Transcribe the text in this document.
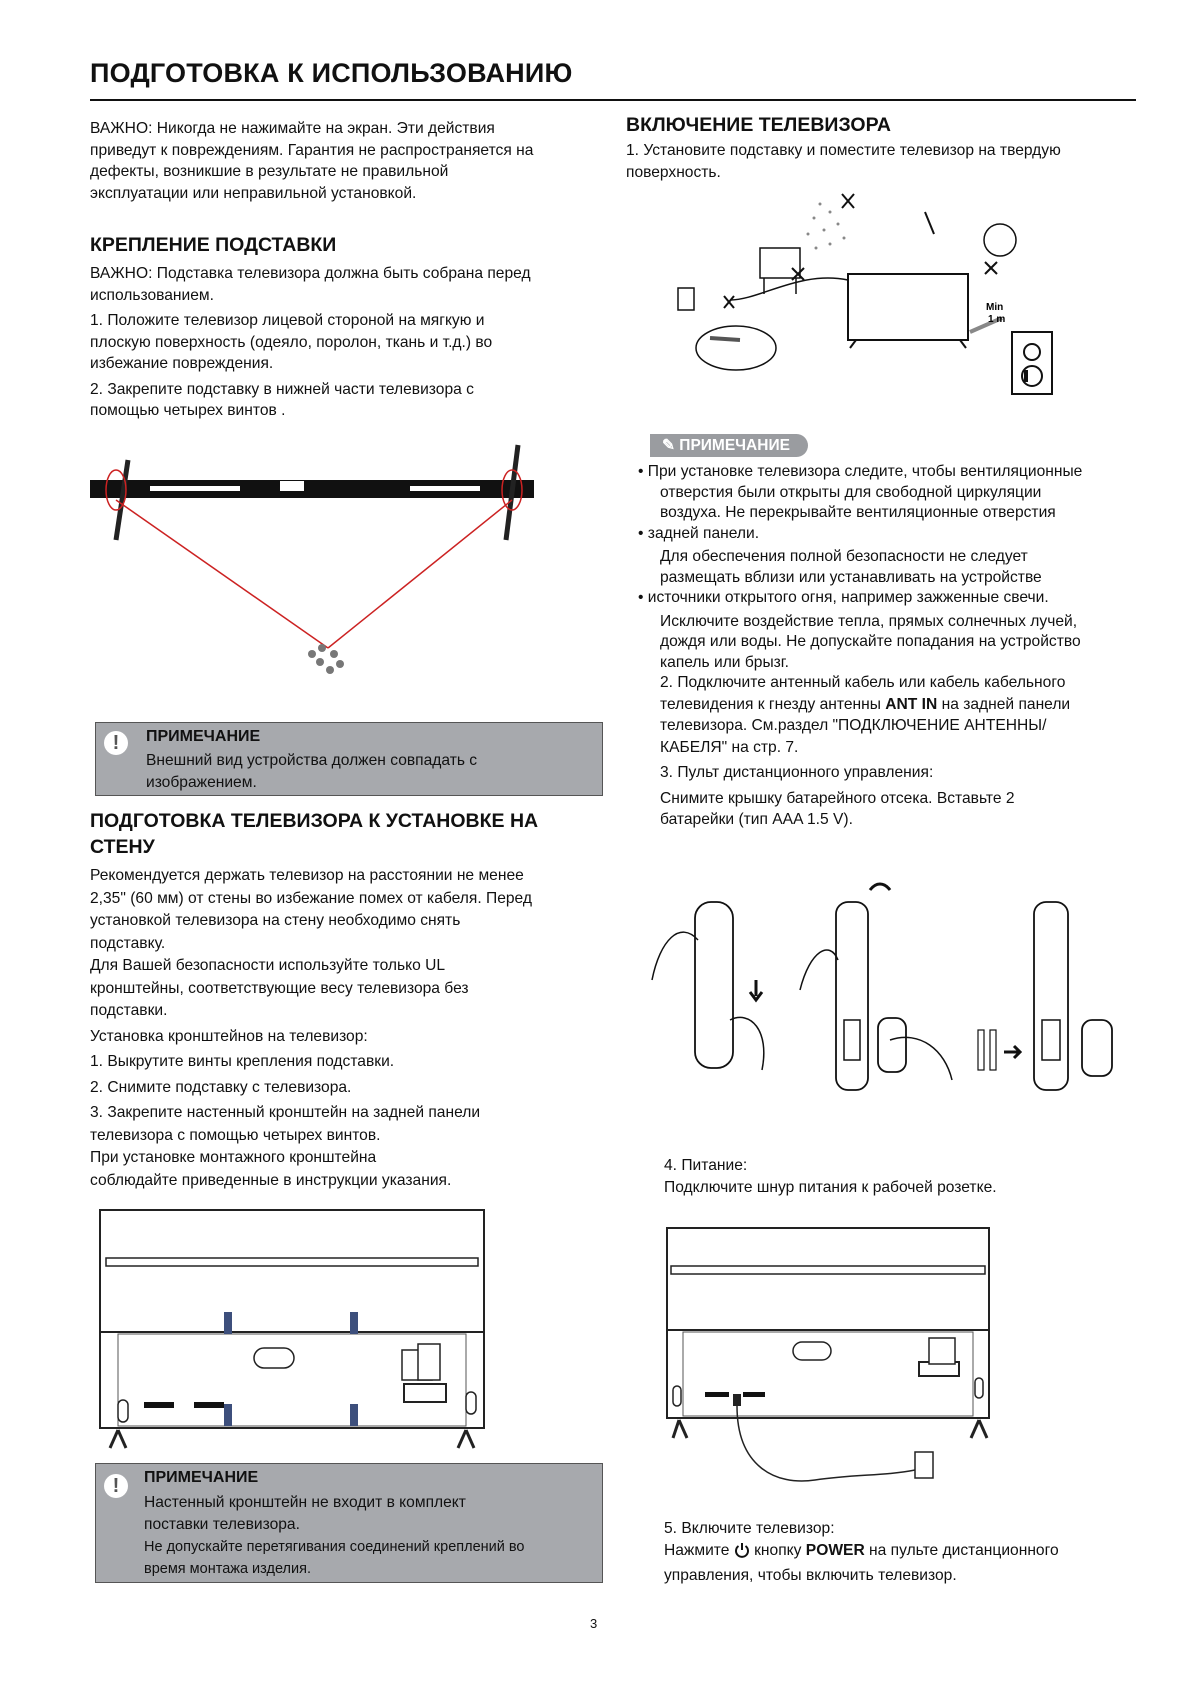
ПОДГОТОВКА К ИСПОЛЬЗОВАНИЮ
ВАЖНО: Никогда не нажимайте на экран. Эти действия
приведут к повреждениям. Гарантия не распространяется на
дефекты, возникшие в результате не правильной
эксплуатации или неправильной установкой.
КРЕПЛЕНИЕ ПОДСТАВКИ
ВАЖНО: Подставка телевизора должна быть собрана перед
использованием.
1. Положите телевизор лицевой стороной на мягкую и
плоскую поверхность (одеяло, поролон, ткань и т.д.) во
избежание повреждения.
2. Закрепите подставку в нижней части телевизора с
помощью четырех винтов .
!	ПРИМЕЧАНИЕ
Внешний вид устройства должен совпадать с
изображением.
ПОДГОТОВКА ТЕЛЕВИЗОРА К УСТАНОВКЕ НА
СТЕНУ
Рекомендуется держать телевизор на расстоянии не менее
2,35" (60 мм) от стены во избежание помех от кабеля. Перед
установкой телевизора на стену необходимо снять
подставку.
Для Вашей безопасности используйте только UL
кронштейны, соответствующие весу телевизора без
подставки.
Установка кронштейнов на телевизор:
1. Выкрутите винты крепления подставки.
2. Снимите подставку с телевизора.
3. Закрепите настенный кронштейн на задней панели
телевизора с помощью четырех винтов.
При установке монтажного кронштейна
соблюдайте приведенные в инструкции указания.
!	ПРИМЕЧАНИЕ
Настенный кронштейн не входит в комплект
поставки телевизора.
Не допускайте перетягивания соединений креплений во
время монтажа изделия.
ВКЛЮЧЕНИЕ ТЕЛЕВИЗОРА
1. Установите подставку и поместите телевизор на твердую
поверхность.
Min
1 m
✎ ПРИМЕЧАНИЕ
• При установке телевизора следите, чтобы вентиляционные
отверстия были открыты для свободной циркуляции
воздуха. Не перекрывайте вентиляционные отверстия
• задней панели.
Для обеспечения полной безопасности не следует
размещать вблизи или устанавливать на устройстве
• источники открытого огня, например зажженные свечи.
Исключите воздействие тепла, прямых солнечных лучей,
дождя или воды. Не допускайте попадания на устройство
капель или брызг.
2. Подключите антенный кабель или кабель кабельного
телевидения к гнезду антенны ANT IN на задней панели
телевизора. См.раздел "ПОДКЛЮЧЕНИЕ АНТЕННЫ/
КАБЕЛЯ" на стр. 7.
3. Пульт дистанционного управления:
Снимите крышку батарейного отсека. Вставьте 2
батарейки (тип AAA 1.5 V).
4. Питание:
Подключите шнур питания к рабочей розетке.
5. Включите телевизор:
Нажмите  кнопку POWER на пульте дистанционного
управления, чтобы включить телевизор.
3
